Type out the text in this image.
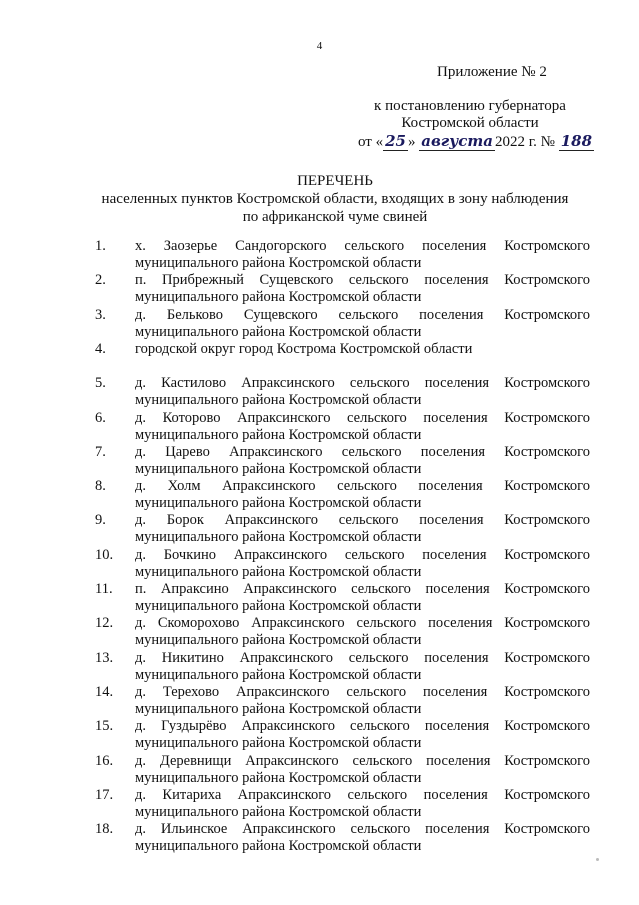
4
Приложение № 2
к постановлению губернатора
Костромской области
от « 25 » августа 2022 г. № 188
ПЕРЕЧЕНЬ
населенных пунктов Костромской области, входящих в зону наблюдения
по африканской чуме свиней
1.	х. Заозерье Сандогорского сельского поселения Костромского
муниципального района Костромской области
2.	п. Прибрежный Сущевского сельского поселения Костромского
муниципального района Костромской области
3.	д. Бельково Сущевского сельского поселения Костромского
муниципального района Костромской области
4.	городской округ город Кострома Костромской области
5.	д. Кастилово Апраксинского сельского поселения Костромского
муниципального района Костромской области
6.	д. Которово Апраксинского сельского поселения Костромского
муниципального района Костромской области
7.	д. Царево Апраксинского сельского поселения Костромского
муниципального района Костромской области
8.	д. Холм Апраксинского сельского поселения Костромского
муниципального района Костромской области
9.	д. Борок Апраксинского сельского поселения Костромского
муниципального района Костромской области
10.	д. Бочкино Апраксинского сельского поселения Костромского
муниципального района Костромской области
11.	п. Апраксино Апраксинского сельского поселения Костромского
муниципального района Костромской области
12.	д. Скоморохово Апраксинского сельского поселения Костромского
муниципального района Костромской области
13.	д. Никитино Апраксинского сельского поселения Костромского
муниципального района Костромской области
14.	д. Терехово Апраксинского сельского поселения Костромского
муниципального района Костромской области
15.	д. Гуздырёво Апраксинского сельского поселения Костромского
муниципального района Костромской области
16.	д. Деревнищи Апраксинского сельского поселения Костромского
муниципального района Костромской области
17.	д. Китариха Апраксинского сельского поселения Костромского
муниципального района Костромской области
18.	д. Ильинское Апраксинского сельского поселения Костромского
муниципального района Костромской области
